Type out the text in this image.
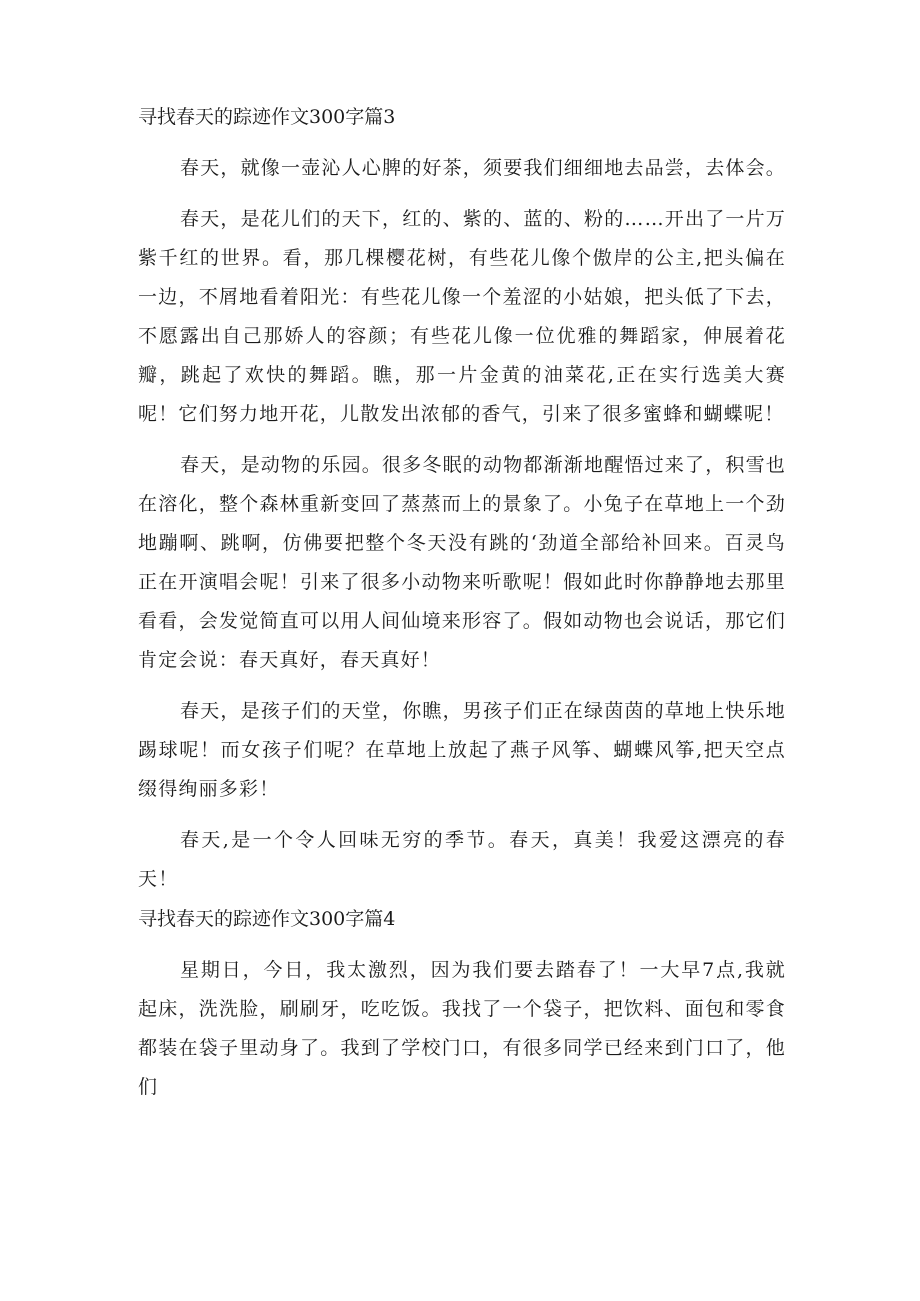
寻找春天的踪迹作文300字篇3

春天，就像一壶沁人心脾的好茶，须要我们细细地去品尝，去体会。

春天，是花儿们的天下，红的、紫的、蓝的、粉的……开出了一片万紫千红的世界。看，那几棵樱花树，有些花儿像个傲岸的公主,把头偏在一边，不屑地看着阳光：有些花儿像一个羞涩的小姑娘，把头低了下去，不愿露出自己那娇人的容颜；有些花儿像一位优雅的舞蹈家，伸展着花瓣，跳起了欢快的舞蹈。瞧，那一片金黄的油菜花,正在实行选美大赛呢！它们努力地开花，儿散发出浓郁的香气，引来了很多蜜蜂和蝴蝶呢！

春天，是动物的乐园。很多冬眠的动物都渐渐地醒悟过来了，积雪也在溶化，整个森林重新变回了蒸蒸而上的景象了。小兔子在草地上一个劲地蹦啊、跳啊，仿佛要把整个冬天没有跳的‘劲道全部给补回来。百灵鸟正在开演唱会呢！引来了很多小动物来听歌呢！假如此时你静静地去那里看看，会发觉简直可以用人间仙境来形容了。假如动物也会说话，那它们肯定会说：春天真好，春天真好！

春天，是孩子们的天堂，你瞧，男孩子们正在绿茵茵的草地上快乐地踢球呢！而女孩子们呢？在草地上放起了燕子风筝、蝴蝶风筝,把天空点缀得绚丽多彩！

春天,是一个令人回味无穷的季节。春天，真美！我爱这漂亮的春天！

寻找春天的踪迹作文300字篇4

星期日，今日，我太激烈，因为我们要去踏春了！一大早7点,我就起床，洗洗脸，刷刷牙，吃吃饭。我找了一个袋子，把饮料、面包和零食都装在袋子里动身了。我到了学校门口，有很多同学已经来到门口了，他们
